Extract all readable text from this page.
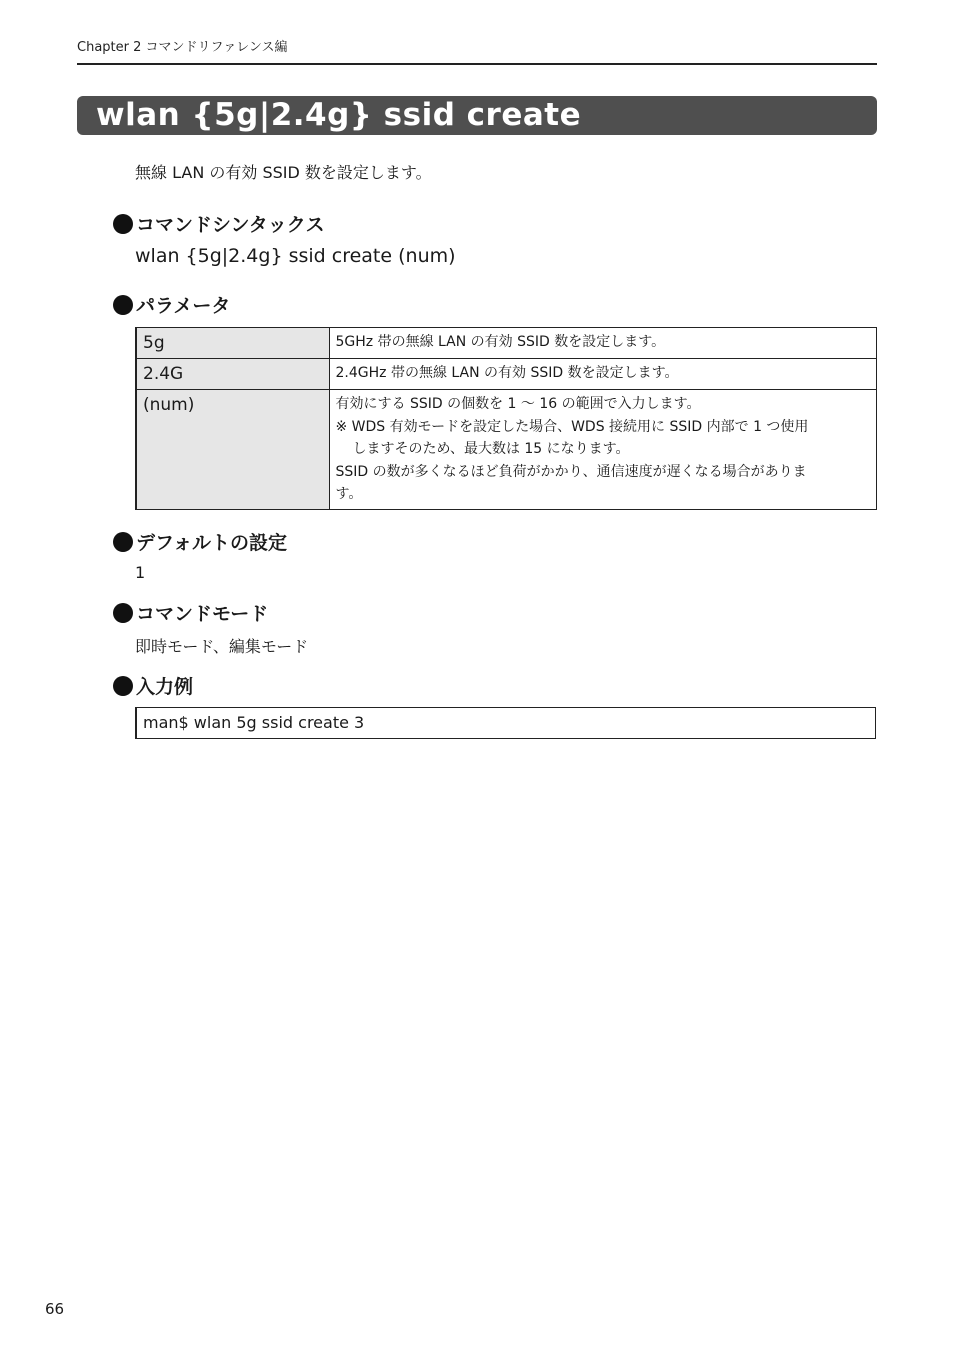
Chapter 2 コマンドリファレンス編
wlan {5g|2.4g} ssid create
無線 LAN の有効 SSID 数を設定します。
コマンドシンタックス
wlan {5g|2.4g} ssid create (num)
パラメータ
5g	5GHz 帯の無線 LAN の有効 SSID 数を設定します。

2.4G	2.4GHz 帯の無線 LAN の有効 SSID 数を設定します。

(num)	有効にする SSID の個数を 1 〜 16 の範囲で入力します。
※ WDS 有効モードを設定した場合、WDS 接続用に SSID 内部で 1 つ使用
しますそのため、最大数は 15 になります。
SSID の数が多くなるほど負荷がかかり、通信速度が遅くなる場合がありま
す。
デフォルトの設定
1
コマンドモード
即時モード、編集モード
入力例
man$ wlan 5g ssid create 3
66
